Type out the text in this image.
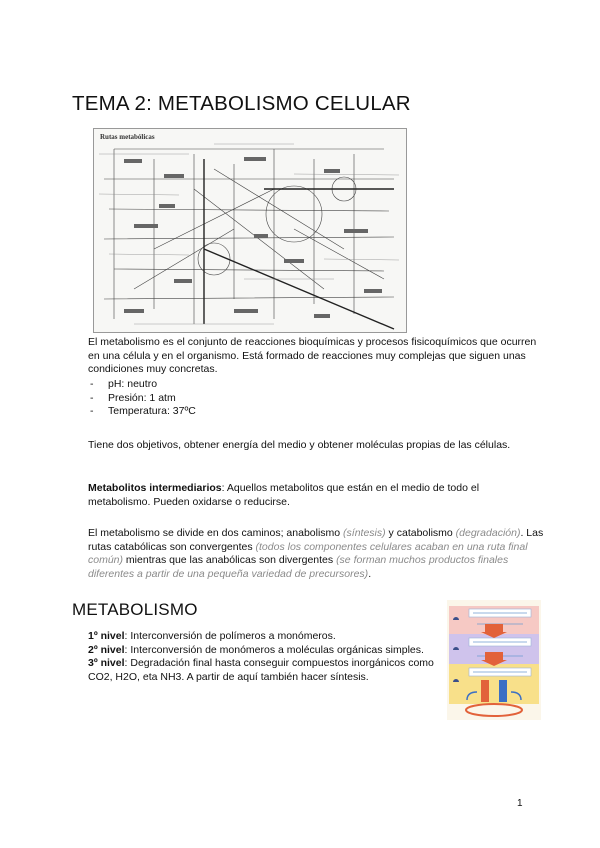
TEMA 2: METABOLISMO CELULAR
Rutas metabólicas
El metabolismo es el conjunto de reacciones bioquímicas y procesos fisicoquímicos que ocurren en una célula y en el organismo. Está formado de reacciones muy complejas que siguen unas condiciones muy concretas.
- pH: neutro
- Presión: 1 atm
- Temperatura: 37ºC
Tiene dos objetivos, obtener energía del medio y obtener moléculas propias de las células.
Metabolitos intermediarios: Aquellos metabolitos que están en el medio de todo el metabolismo. Pueden oxidarse o reducirse.
El metabolismo se divide en dos caminos; anabolismo (síntesis) y catabolismo (degradación). Las rutas catabólicas son convergentes (todos los componentes celulares acaban en una ruta final común) mientras que las anabólicas son divergentes (se forman muchos productos finales diferentes a partir de una pequeña variedad de precursores).
METABOLISMO
1º nivel: Interconversión de polímeros a monómeros.
2º nivel: Interconversión de monómeros a moléculas orgánicas simples.
3º nivel: Degradación final hasta conseguir compuestos inorgánicos como CO2, H2O, eta NH3. A partir de aquí también hacer síntesis.
1
